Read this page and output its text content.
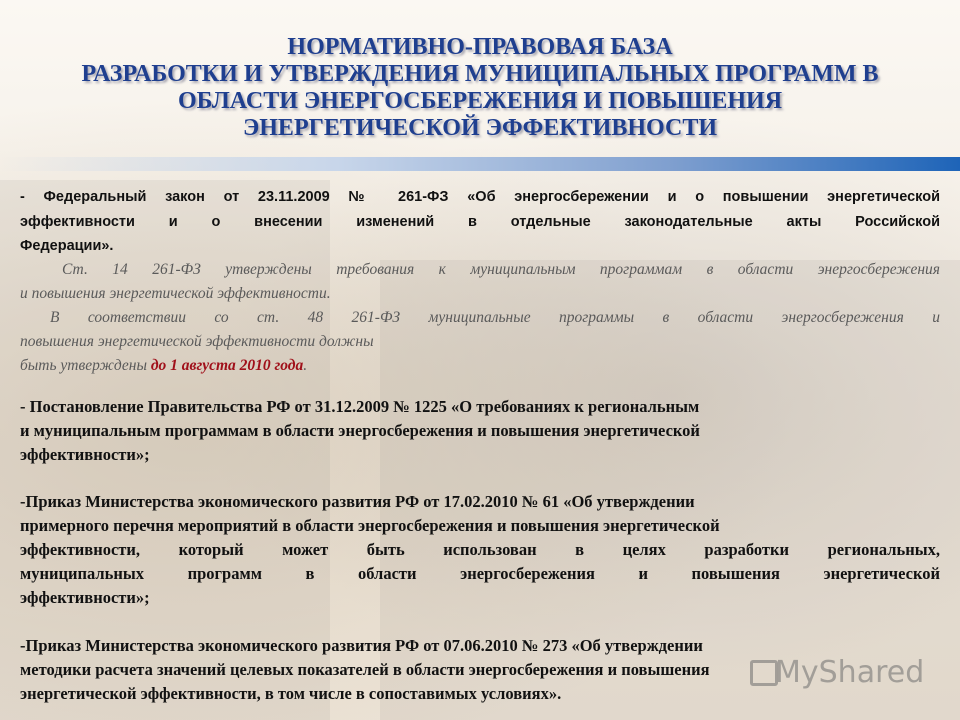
НОРМАТИВНО-ПРАВОВАЯ БАЗА
РАЗРАБОТКИ И УТВЕРЖДЕНИЯ МУНИЦИПАЛЬНЫХ ПРОГРАММ В
ОБЛАСТИ ЭНЕРГОСБЕРЕЖЕНИЯ И ПОВЫШЕНИЯ
ЭНЕРГЕТИЧЕСКОЙ ЭФФЕКТИВНОСТИ
- Федеральный закон от 23.11.2009 № 261-ФЗ «Об энергосбережении и о повышении энергетической
эффективности и о внесении изменений в отдельные законодательные акты Российской
Федерации».
Ст. 14 261-ФЗ утверждены требования к муниципальным программам в области энергосбережения
и повышения энергетической эффективности.
В соответствии со ст. 48 261-ФЗ муниципальные программы в области энергосбережения и
повышения энергетической эффективности должны
быть утверждены до 1 августа 2010 года.
- Постановление Правительства РФ от 31.12.2009 № 1225 «О требованиях к региональным
и муниципальным программам в области энергосбережения и повышения энергетической
эффективности»;
-Приказ Министерства экономического развития РФ от 17.02.2010 № 61 «Об утверждении
примерного перечня мероприятий в области энергосбережения и повышения энергетической
эффективности, который может быть использован в целях разработки региональных,
муниципальных программ в области энергосбережения и повышения энергетической
эффективности»;
-Приказ Министерства экономического развития РФ от 07.06.2010 № 273 «Об утверждении
методики расчета значений целевых показателей в области энергосбережения и повышения
энергетической эффективности, в том числе в сопоставимых условиях».
MyShared
